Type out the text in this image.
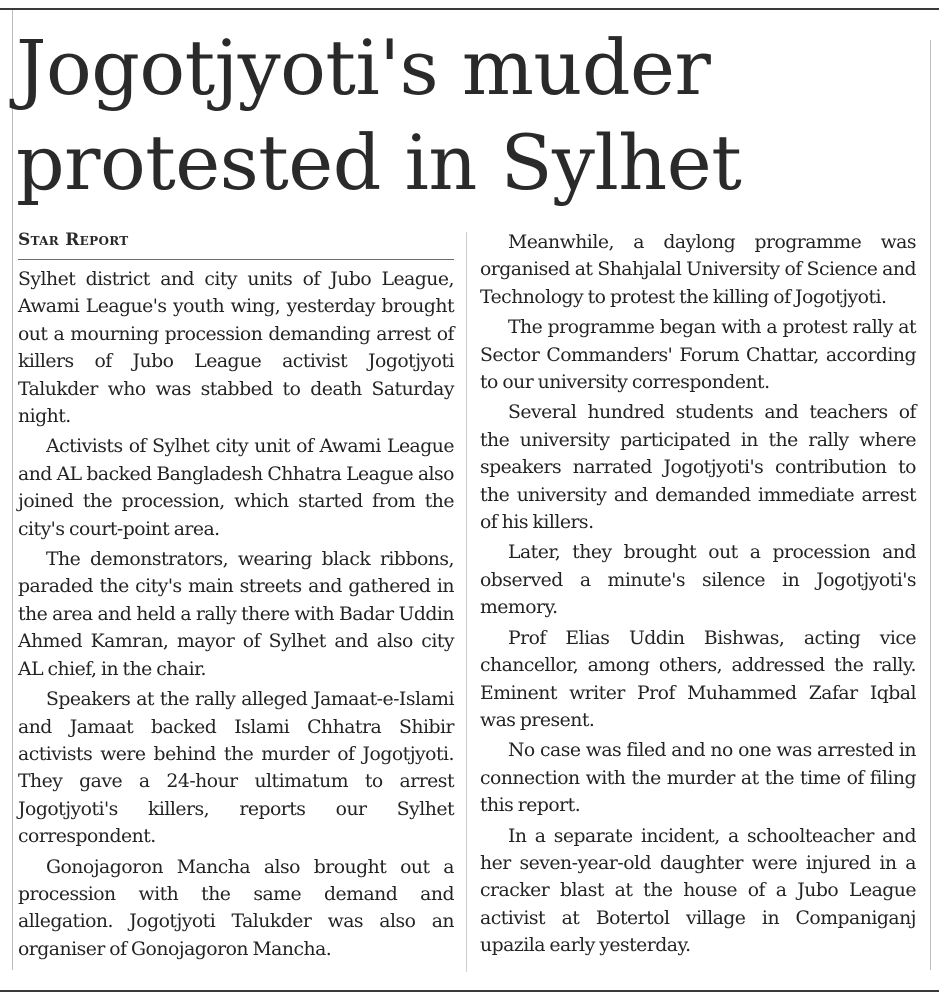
Jogotjyoti's muder protested in Sylhet
Star Report

Sylhet district and city units of Jubo League, Awami League's youth wing, yesterday brought out a mourning procession demanding arrest of killers of Jubo League activist Jogotjyoti Talukder who was stabbed to death Saturday night.

Activists of Sylhet city unit of Awami League and AL backed Bangladesh Chhatra League also joined the procession, which started from the city's court-point area.

The demonstrators, wearing black ribbons, paraded the city's main streets and gathered in the area and held a rally there with Badar Uddin Ahmed Kamran, mayor of Sylhet and also city AL chief, in the chair.

Speakers at the rally alleged Jamaat-e-Islami and Jamaat backed Islami Chhatra Shibir activists were behind the murder of Jogotjyoti. They gave a 24-hour ultimatum to arrest Jogotjyoti's killers, reports our Sylhet correspondent.

Gonojagoron Mancha also brought out a procession with the same demand and allegation. Jogotjyoti Talukder was also an organiser of Gonojagoron Mancha.

Meanwhile, a daylong programme was organised at Shahjalal University of Science and Technology to protest the killing of Jogotjyoti.

The programme began with a protest rally at Sector Commanders' Forum Chattar, according to our university correspondent.

Several hundred students and teachers of the university participated in the rally where speakers narrated Jogotjyoti's contribution to the university and demanded immediate arrest of his killers.

Later, they brought out a procession and observed a minute's silence in Jogotjyoti's memory.

Prof Elias Uddin Bishwas, acting vice chancellor, among others, addressed the rally. Eminent writer Prof Muhammed Zafar Iqbal was present.

No case was filed and no one was arrested in connection with the murder at the time of filing this report.

In a separate incident, a schoolteacher and her seven-year-old daughter were injured in a cracker blast at the house of a Jubo League activist at Botertol village in Companiganj upazila early yesterday.
